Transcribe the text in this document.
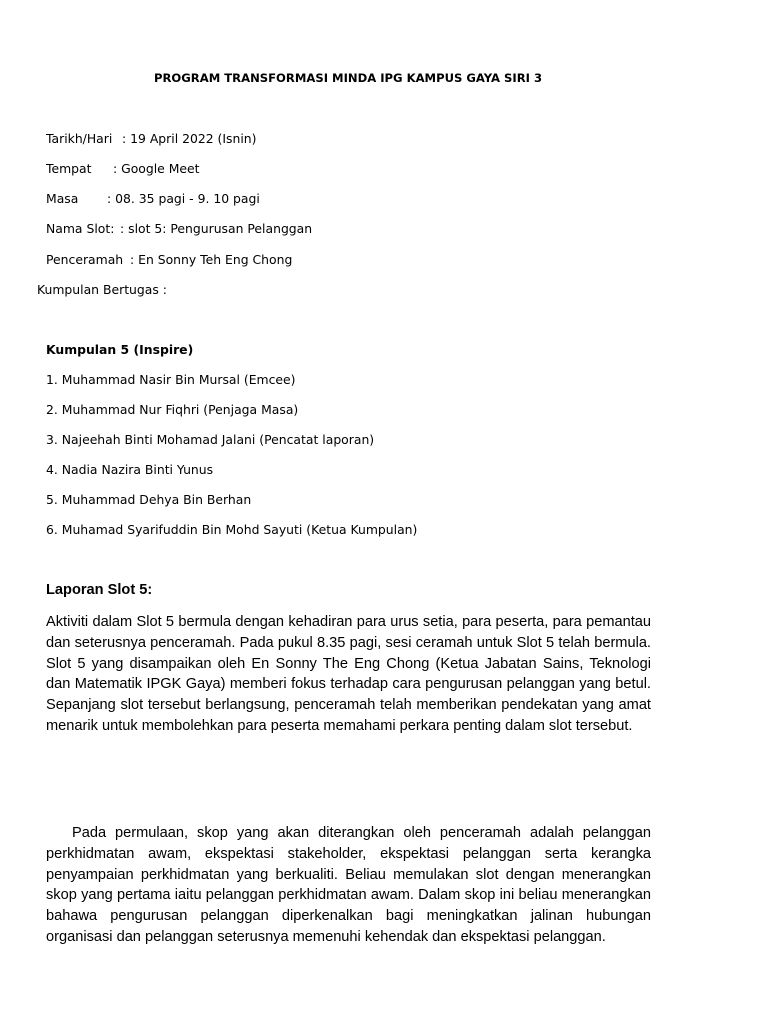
PROGRAM TRANSFORMASI MINDA IPG KAMPUS GAYA SIRI 3
Tarikh/Hari : 19 April 2022 (Isnin)
Tempat : Google Meet
Masa : 08. 35 pagi - 9. 10 pagi
Nama Slot: : slot 5: Pengurusan Pelanggan
Penceramah : En Sonny Teh Eng Chong
Kumpulan Bertugas :
Kumpulan 5 (Inspire)
1. Muhammad Nasir Bin Mursal (Emcee)
2. Muhammad Nur Fiqhri (Penjaga Masa)
3. Najeehah Binti Mohamad Jalani (Pencatat laporan)
4. Nadia Nazira Binti Yunus
5. Muhammad Dehya Bin Berhan
6. Muhamad Syarifuddin Bin Mohd Sayuti (Ketua Kumpulan)
Laporan Slot 5:

Aktiviti dalam Slot 5 bermula dengan kehadiran para urus setia, para peserta, para pemantau dan seterusnya penceramah. Pada pukul 8.35 pagi, sesi ceramah untuk Slot 5 telah bermula. Slot 5 yang disampaikan oleh En Sonny The Eng Chong (Ketua Jabatan Sains, Teknologi dan Matematik IPGK Gaya) memberi fokus terhadap cara pengurusan pelanggan yang betul. Sepanjang slot tersebut berlangsung, penceramah telah memberikan pendekatan yang amat menarik untuk membolehkan para peserta memahami perkara penting dalam slot tersebut.

Pada permulaan, skop yang akan diterangkan oleh penceramah adalah pelanggan perkhidmatan awam, ekspektasi stakeholder, ekspektasi pelanggan serta kerangka penyampaian perkhidmatan yang berkualiti. Beliau memulakan slot dengan menerangkan skop yang pertama iaitu pelanggan perkhidmatan awam. Dalam skop ini beliau menerangkan bahawa pengurusan pelanggan diperkenalkan bagi meningkatkan jalinan hubungan organisasi dan pelanggan seterusnya memenuhi kehendak dan ekspektasi pelanggan.
